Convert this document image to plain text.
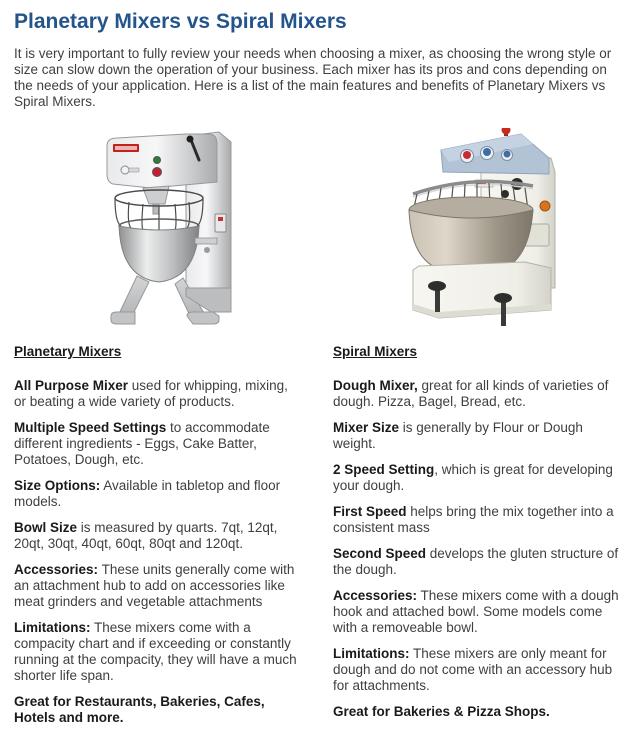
Planetary Mixers vs Spiral Mixers

It is very important to fully review your needs when choosing a mixer, as choosing the wrong style or size can slow down the operation of your business. Each mixer has its pros and cons depending on the needs of your application. Here is a list of the main features and benefits of Planetary Mixers vs Spiral Mixers.

Planetary Mixers

All Purpose Mixer used for whipping, mixing, or beating a wide variety of products.

Multiple Speed Settings to accommodate different ingredients - Eggs, Cake Batter, Potatoes, Dough, etc.

Size Options: Available in tabletop and floor models.

Bowl Size is measured by quarts. 7qt, 12qt, 20qt, 30qt, 40qt, 60qt, 80qt and 120qt.

Accessories: These units generally come with an attachment hub to add on accessories like meat grinders and vegetable attachments

Limitations: These mixers come with a compacity chart and if exceeding or constantly running at the compacity, they will have a much shorter life span.

Great for Restaurants, Bakeries, Cafes, Hotels and more.

Spiral Mixers

Dough Mixer, great for all kinds of varieties of dough. Pizza, Bagel, Bread, etc.

Mixer Size is generally by Flour or Dough weight.

2 Speed Setting, which is great for developing your dough.

First Speed helps bring the mix together into a consistent mass

Second Speed develops the gluten structure of the dough.

Accessories: These mixers come with a dough hook and attached bowl. Some models come with a removeable bowl.

Limitations: These mixers are only meant for dough and do not come with an accessory hub for attachments.

Great for Bakeries & Pizza Shops.
